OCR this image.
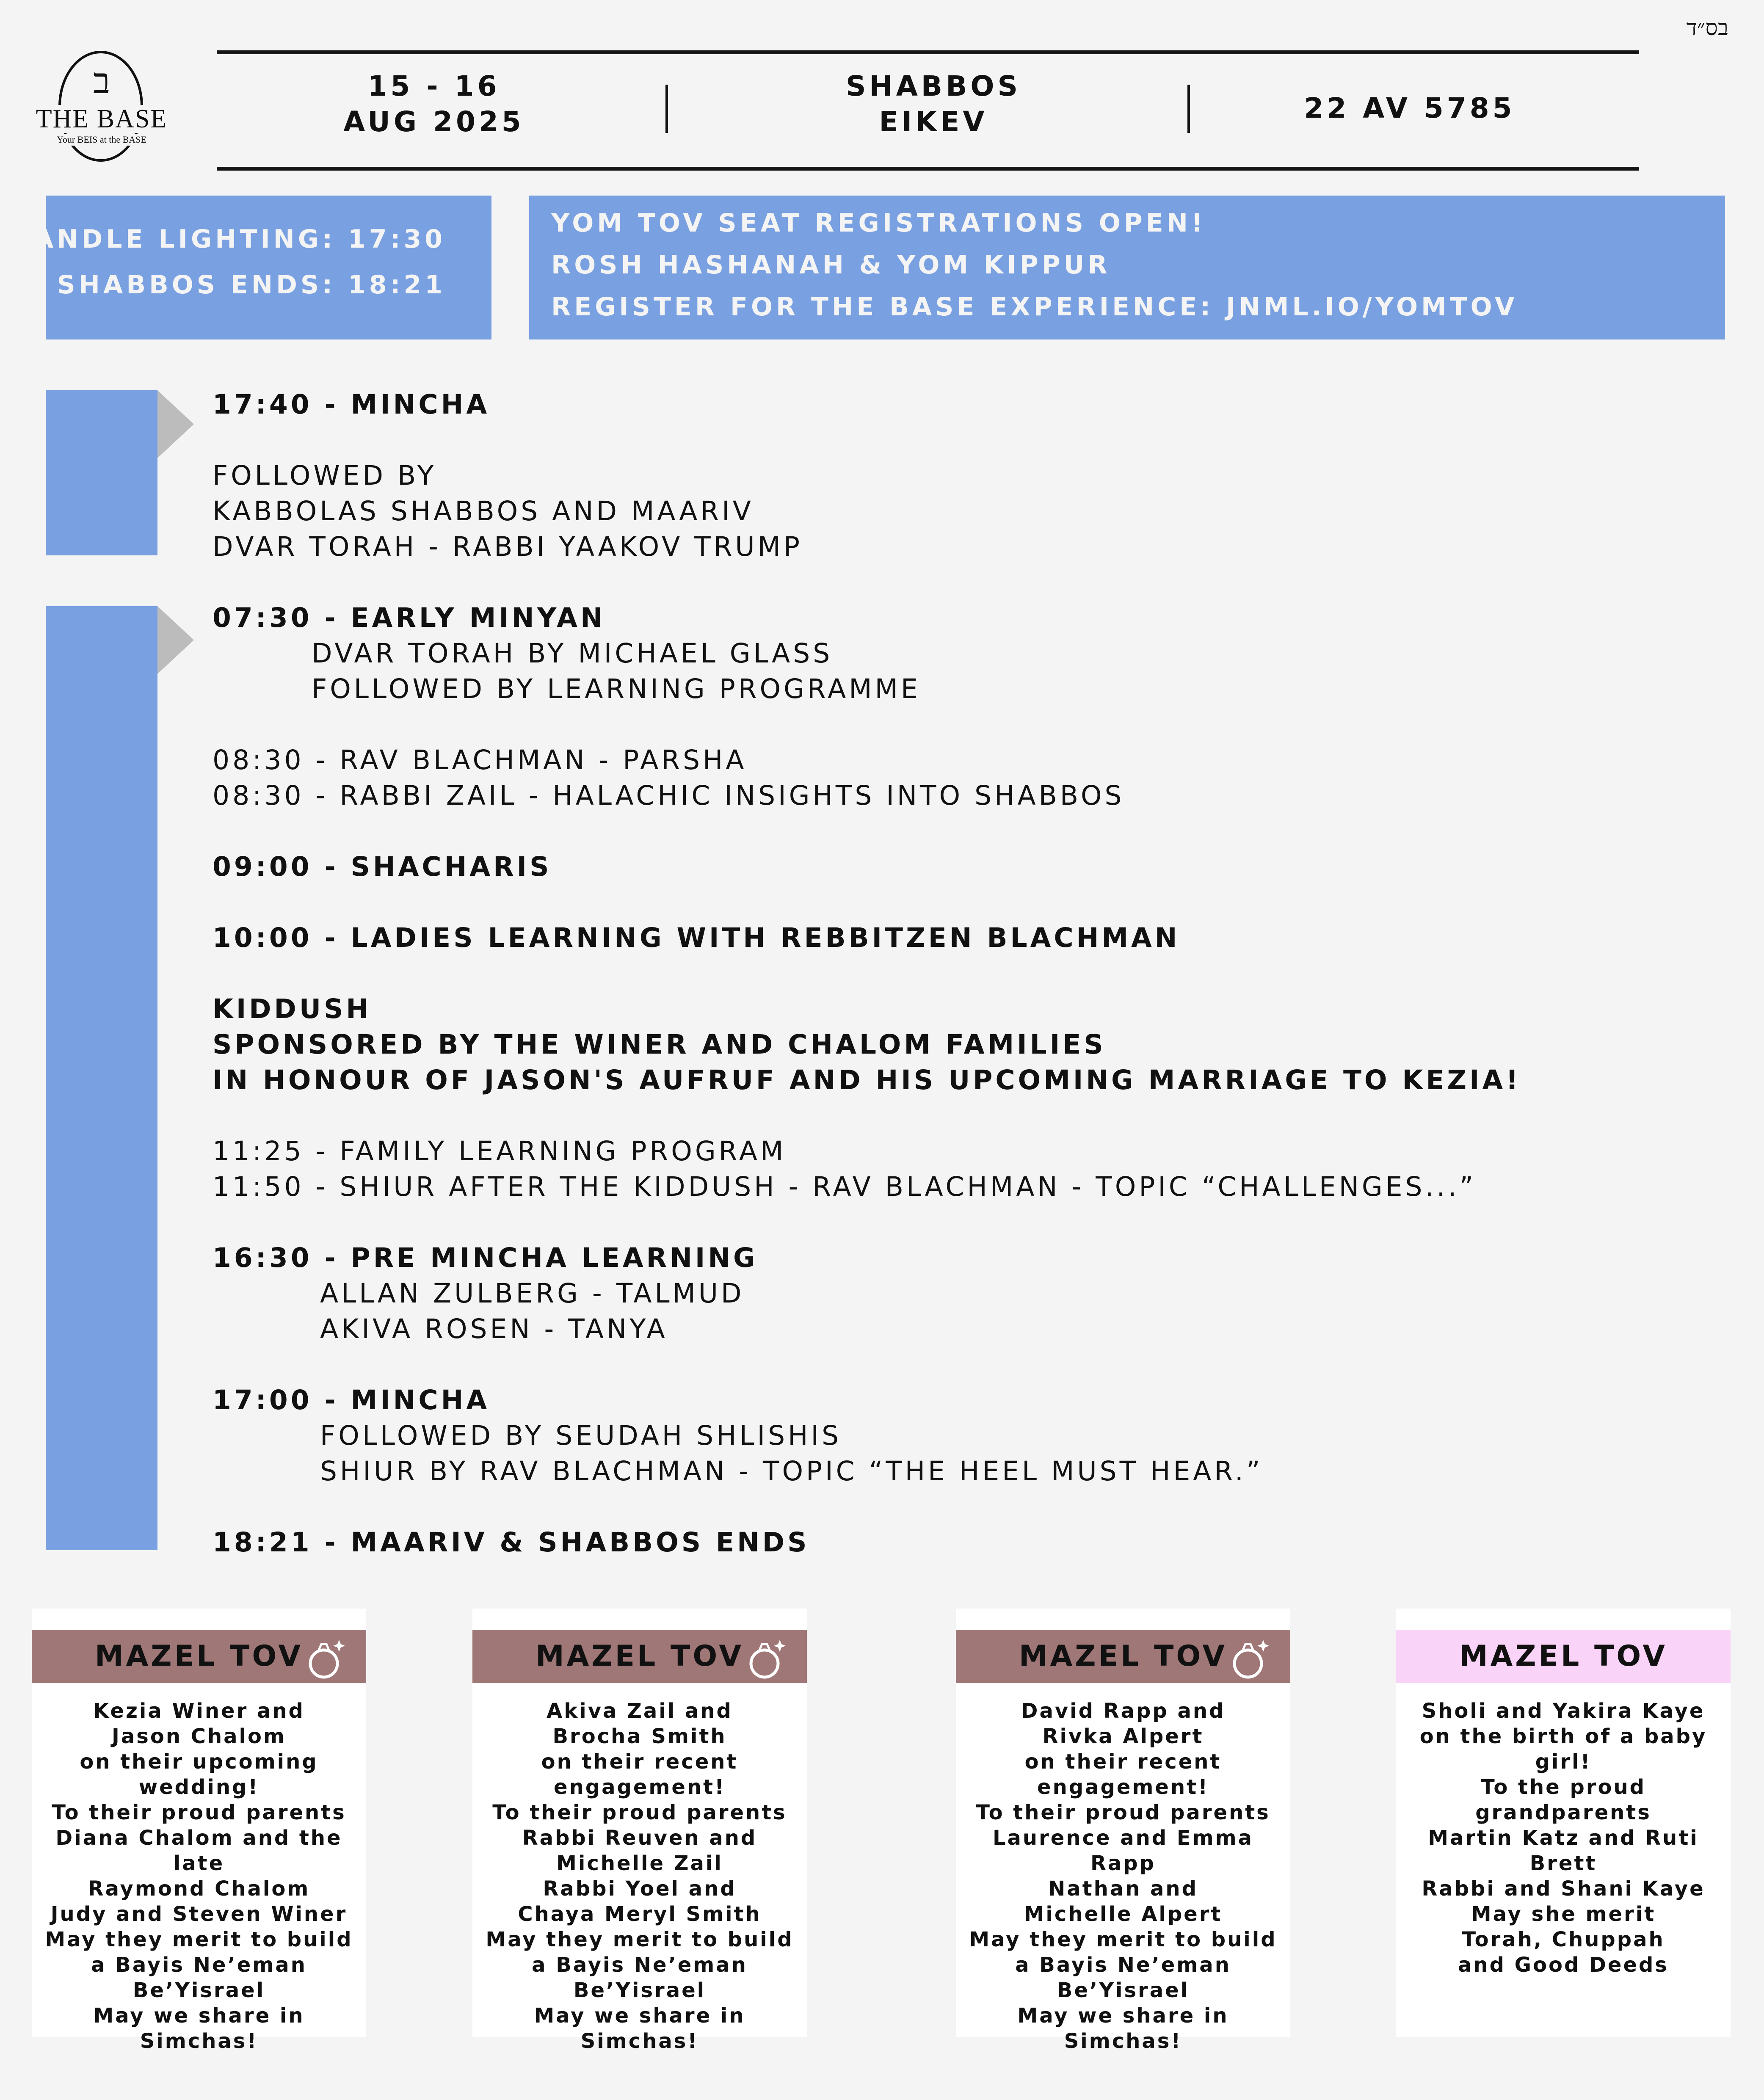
בס״ד
ב
THE BASE
Your BEIS at the BASE
15 - 16
AUG 2025
SHABBOS
EIKEV	22 AV 5785
CANDLE LIGHTING: 17:30
SHABBOS ENDS: 18:21
YOM TOV SEAT REGISTRATIONS OPEN!
ROSH HASHANAH & YOM KIPPUR
REGISTER FOR THE BASE EXPERIENCE: JNML.IO/YOMTOV
17:40 - MINCHA
FOLLOWED BY
KABBOLAS SHABBOS AND MAARIV
DVAR TORAH - RABBI YAAKOV TRUMP
07:30 - EARLY MINYAN
DVAR TORAH BY MICHAEL GLASS
FOLLOWED BY LEARNING PROGRAMME
08:30 - RAV BLACHMAN - PARSHA
08:30 - RABBI ZAIL - HALACHIC INSIGHTS INTO SHABBOS
09:00 - SHACHARIS
10:00 - LADIES LEARNING WITH REBBITZEN BLACHMAN
KIDDUSH
SPONSORED BY THE WINER AND CHALOM FAMILIES
IN HONOUR OF JASON'S AUFRUF AND HIS UPCOMING MARRIAGE TO KEZIA!
11:25 - FAMILY LEARNING PROGRAM
11:50 - SHIUR AFTER THE KIDDUSH - RAV BLACHMAN - TOPIC “CHALLENGES...”
16:30 - PRE MINCHA LEARNING
ALLAN ZULBERG - TALMUD
AKIVA ROSEN - TANYA
17:00 - MINCHA
FOLLOWED BY SEUDAH SHLISHIS
SHIUR BY RAV BLACHMAN - TOPIC “THE HEEL MUST HEAR.”
18:21 - MAARIV & SHABBOS ENDS
MAZEL TOV
Kezia Winer and
Jason Chalom
on their upcoming
wedding!
To their proud parents
Diana Chalom and the late
Raymond Chalom
Judy and Steven Winer
May they merit to build
a Bayis Ne’eman Be’Yisrael
May we share in Simchas!
MAZEL TOV
Akiva Zail and
Brocha Smith
on their recent
engagement!
To their proud parents
Rabbi Reuven and
Michelle Zail
Rabbi Yoel and
Chaya Meryl Smith
May they merit to build
a Bayis Ne’eman Be’Yisrael
May we share in Simchas!
MAZEL TOV
David Rapp and
Rivka Alpert
on their recent
engagement!
To their proud parents
Laurence and Emma Rapp
Nathan and
Michelle Alpert
May they merit to build
a Bayis Ne’eman Be’Yisrael
May we share in Simchas!
MAZEL TOV
Sholi and Yakira Kaye
on the birth of a baby girl!
To the proud grandparents
Martin Katz and Ruti Brett
Rabbi and Shani Kaye
May she merit
Torah, Chuppah
and Good Deeds
